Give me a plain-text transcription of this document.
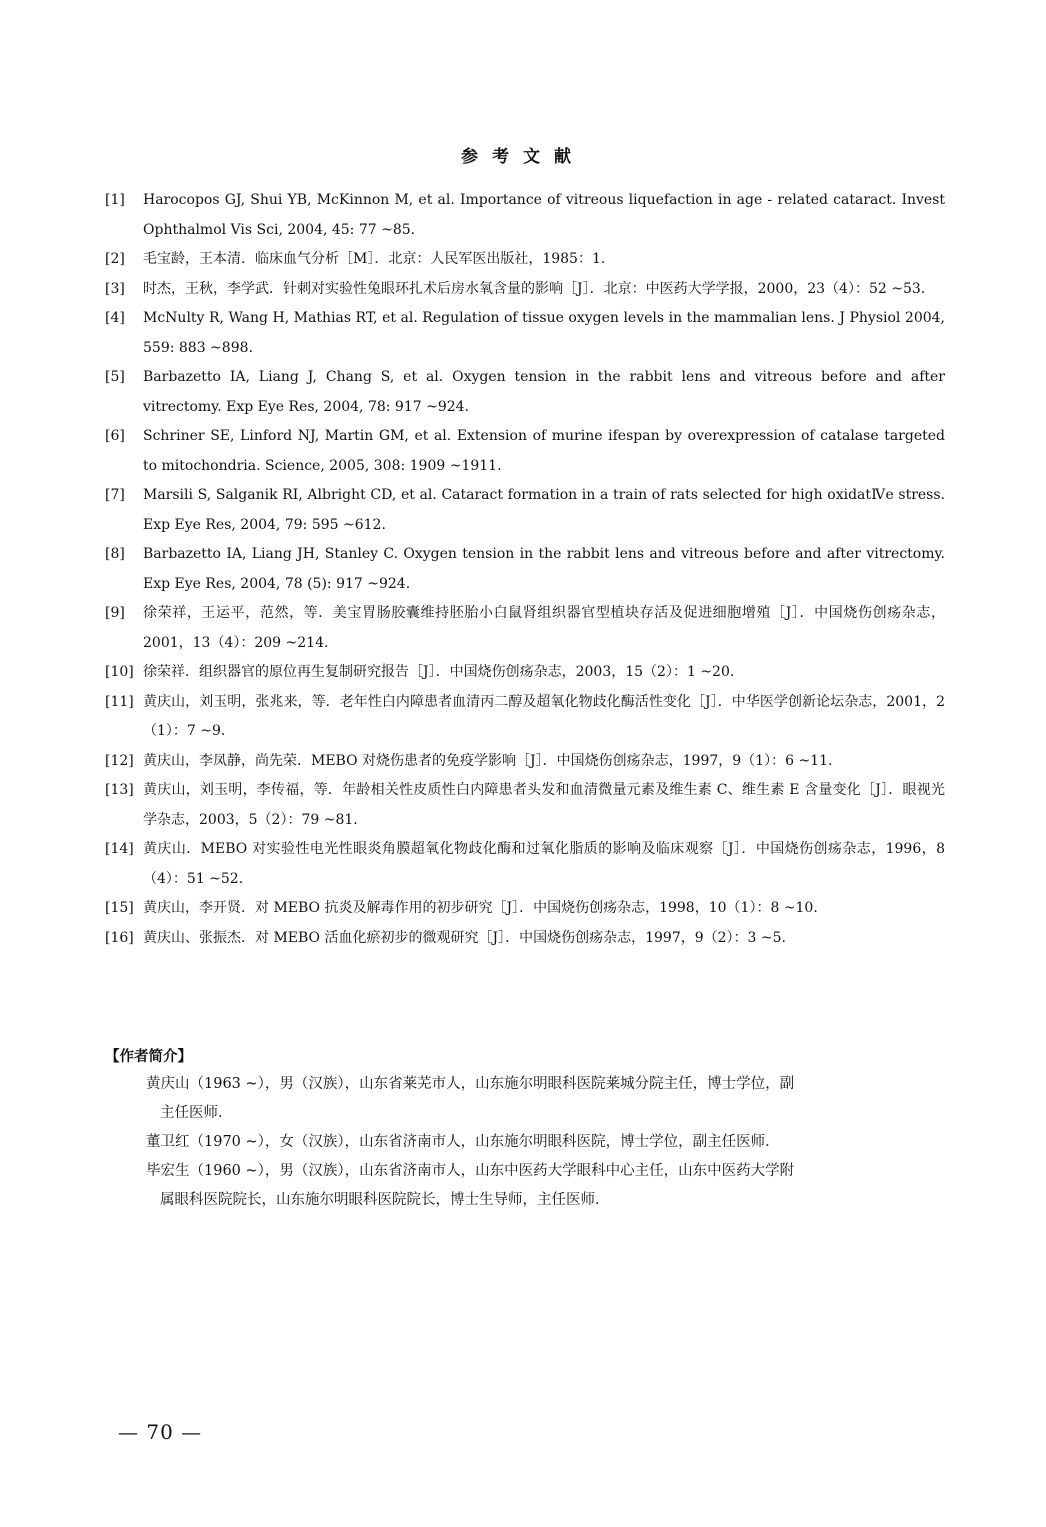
参考文献
[1] Harocopos GJ, Shui YB, McKinnon M, et al. Importance of vitreous liquefaction in age - related cataract. Invest Ophthalmol Vis Sci, 2004, 45: 77 ~85.
[2] 毛宝龄，王本清．临床血气分析［M］．北京：人民军医出版社，1985：1.
[3] 时杰，王秋，李学武．针刺对实验性兔眼环扎术后房水氧含量的影响［J］．北京：中医药大学学报，2000，23（4）：52 ~53.
[4] McNulty R, Wang H, Mathias RT, et al. Regulation of tissue oxygen levels in the mammalian lens. J Physiol 2004, 559: 883 ~898.
[5] Barbazetto IA, Liang J, Chang S, et al. Oxygen tension in the rabbit lens and vitreous before and after vitrectomy. Exp Eye Res, 2004, 78: 917 ~924.
[6] Schriner SE, Linford NJ, Martin GM, et al. Extension of murine ifespan by overexpression of catalase targeted to mitochondria. Science, 2005, 308: 1909 ~1911.
[7] Marsili S, Salganik RI, Albright CD, et al. Cataract formation in a train of rats selected for high oxidatⅣe stress. Exp Eye Res, 2004, 79: 595 ~612.
[8] Barbazetto IA, Liang JH, Stanley C. Oxygen tension in the rabbit lens and vitreous before and after vitrectomy. Exp Eye Res, 2004, 78 (5): 917 ~924.
[9] 徐荣祥，王运平，范然，等．美宝胃肠胶囊维持胚胎小白鼠肾组织器官型植块存活及促进细胞增殖［J］．中国烧伤创疡杂志，2001，13（4）：209 ~214.
[10] 徐荣祥．组织器官的原位再生复制研究报告［J］．中国烧伤创疡杂志，2003，15（2）：1 ~20.
[11] 黄庆山，刘玉明，张兆来，等．老年性白内障患者血清丙二醇及超氧化物歧化酶活性变化［J］．中华医学创新论坛杂志，2001，2（1）：7 ~9.
[12] 黄庆山，李凤静，尚先荣．MEBO 对烧伤患者的免疫学影响［J］．中国烧伤创疡杂志，1997，9（1）：6 ~11.
[13] 黄庆山，刘玉明，李传福，等．年龄相关性皮质性白内障患者头发和血清微量元素及维生素 C、维生素 E 含量变化［J］．眼视光学杂志，2003，5（2）：79 ~81.
[14] 黄庆山．MEBO 对实验性电光性眼炎角膜超氧化物歧化酶和过氧化脂质的影响及临床观察［J］．中国烧伤创疡杂志，1996，8（4）：51 ~52.
[15] 黄庆山，李开贤．对 MEBO 抗炎及解毒作用的初步研究［J］．中国烧伤创疡杂志，1998，10（1）：8 ~10.
[16] 黄庆山、张振杰．对 MEBO 活血化瘀初步的微观研究［J］．中国烧伤创疡杂志，1997，9（2）：3 ~5.
【作者简介】
黄庆山（1963 ~），男（汉族），山东省莱芜市人，山东施尔明眼科医院莱城分院主任，博士学位，副
主任医师．
董卫红（1970 ~），女（汉族），山东省济南市人，山东施尔明眼科医院，博士学位，副主任医师．
毕宏生（1960 ~），男（汉族），山东省济南市人，山东中医药大学眼科中心主任，山东中医药大学附
属眼科医院院长，山东施尔明眼科医院院长，博士生导师，主任医师．
— 70 —
